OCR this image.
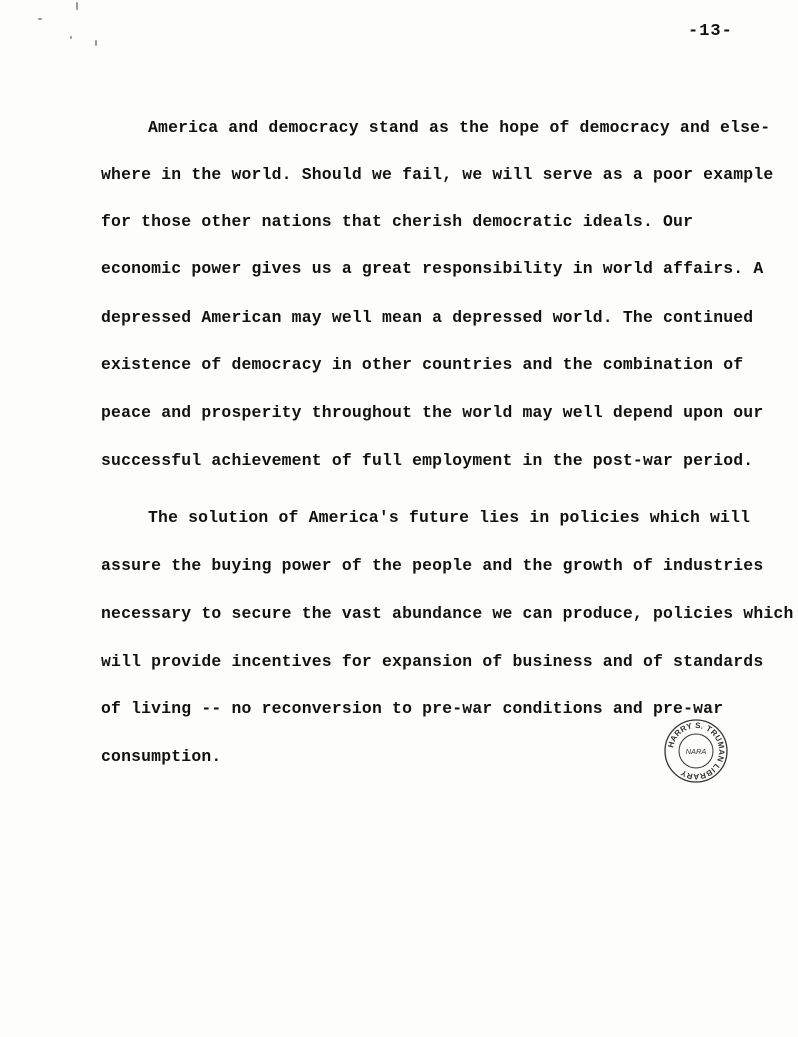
-13-
America and democracy stand as the hope of democracy and else-
where in the world. Should we fail, we will serve as a poor example
for those other nations that cherish democratic ideals. Our
economic power gives us a great responsibility in world affairs. A
depressed American may well mean a depressed world. The continued
existence of democracy in other countries and the combination of
peace and prosperity throughout the world may well depend upon our
successful achievement of full employment in the post-war period.
The solution of America's future lies in policies which will
assure the buying power of the people and the growth of industries
necessary to secure the vast abundance we can produce, policies which
will provide incentives for expansion of business and of standards
of living -- no reconversion to pre-war conditions and pre-war
consumption.
HARRY S. TRUMAN LIBRARY
NARA
